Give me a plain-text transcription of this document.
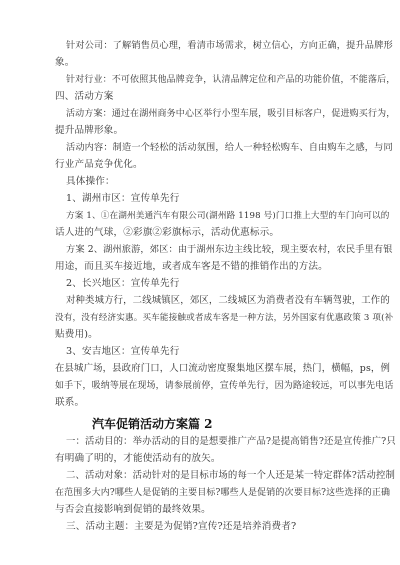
针对公司：了解销售员心理，看清市场需求，树立信心，方向正确，提升品牌形
象。
针对行业：不可依照其他品牌竞争，认清品牌定位和产品的功能价值，不能落后，
四、活动方案
活动方案：通过在湖州商务中心区举行小型车展，吸引目标客户，促进购买行为，
提升品牌形象。
活动内容：制造一个轻松的活动氛围，给人一种轻松购车、自由购车之感，与同
行业产品竞争优化。
具体操作：
1、湖州市区：宣传单先行
方案 1、①在湖州美通汽车有限公司(湖州路 1198 号)门口推上大型的车门向可以的
话人进的气球，②彩旗②彩旗标示，活动优惠标示。
方案 2、湖州旅游，郊区：由于湖州东边主线比较，现主要农村，农民手里有银
用途，而且买车接近地，或者成车客是不错的推销作出的方法。
2、长兴地区：宣传单先行
对种类城方行，二线城镇区，郊区，二线城区为消费者没有车辆驾驶，工作的
没有，没有经济实惠。买车能接触或者成车客是一种方法，另外国家有优惠政策 3 项(补
贴费用)。
3、安吉地区：宣传单先行
在县城广场，县政府门口，人口流动密度聚集地区摆车展，热门，横幅，ps，例
如手下，吸纳等展在现场，请参展前停，宣传单先行，因为路途较远，可以事先电话
联系。
汽车促销活动方案篇 2
一：活动目的：举办活动的目的是想要推广产品?是提高销售?还是宣传推广?只
有明确了明的，才能使活动有的放矢。
二、活动对象：活动针对的是目标市场的每一个人还是某一特定群体?活动控制
在范围多大内?哪些人是促销的主要目标?哪些人是促销的次要目标?这些选择的正确
与否会直接影响到促销的最终效果。
三、活动主题：主要是为促销?宣传?还是培养消费者?
